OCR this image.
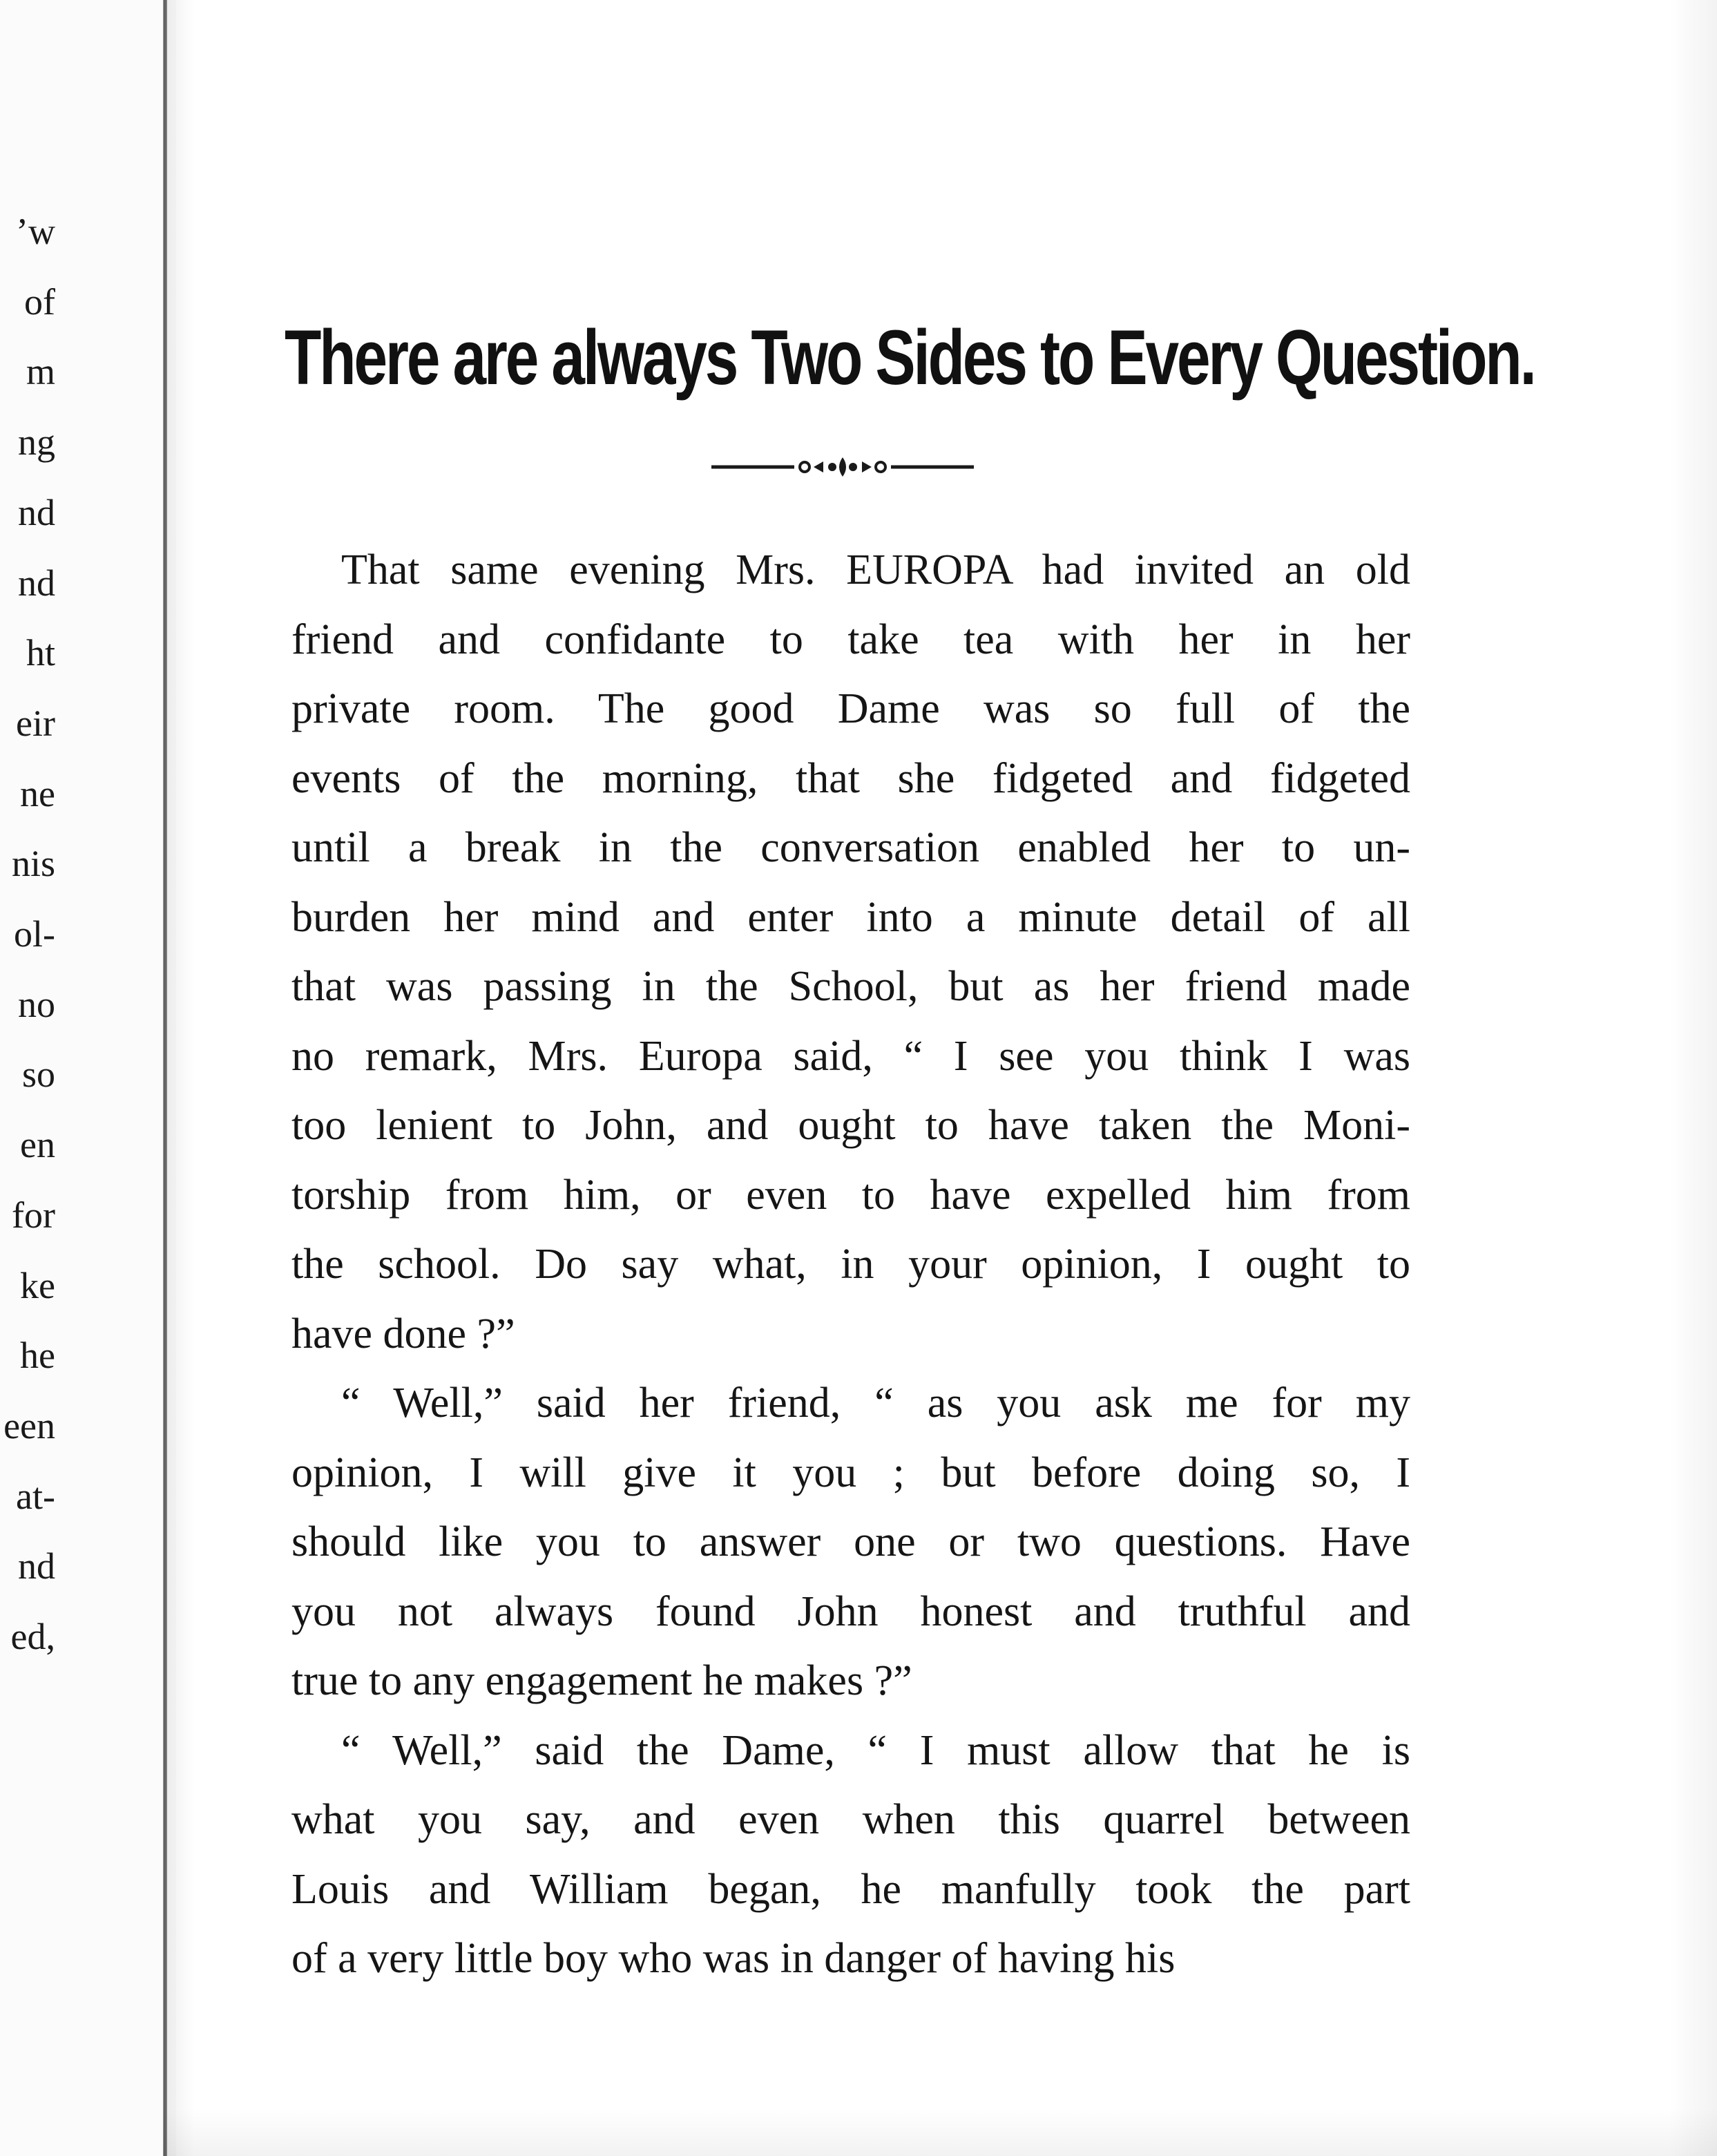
’w
of
m
ng
nd
nd
ht
eir
ne
nis
ol-
no
so
en
for
ke
he
een
at-
nd
ed,
There are always Two Sides to Every Question.
That same evening Mrs. EUROPA had invited an old
friend and confidante to take tea with her in her
private room. The good Dame was so full of the
events of the morning, that she fidgeted and fidgeted
until a break in the conversation enabled her to un-
burden her mind and enter into a minute detail of all
that was passing in the School, but as her friend made
no remark, Mrs. Europa said, “ I see you think I was
too lenient to John, and ought to have taken the Moni-
torship from him, or even to have expelled him from
the school. Do say what, in your opinion, I ought to
have done ?”
“ Well,” said her friend, “ as you ask me for my
opinion, I will give it you ; but before doing so, I
should like you to answer one or two questions. Have
you not always found John honest and truthful and
true to any engagement he makes ?”
“ Well,” said the Dame, “ I must allow that he is
what you say, and even when this quarrel between
Louis and William began, he manfully took the part
of a very little boy who was in danger of having his
